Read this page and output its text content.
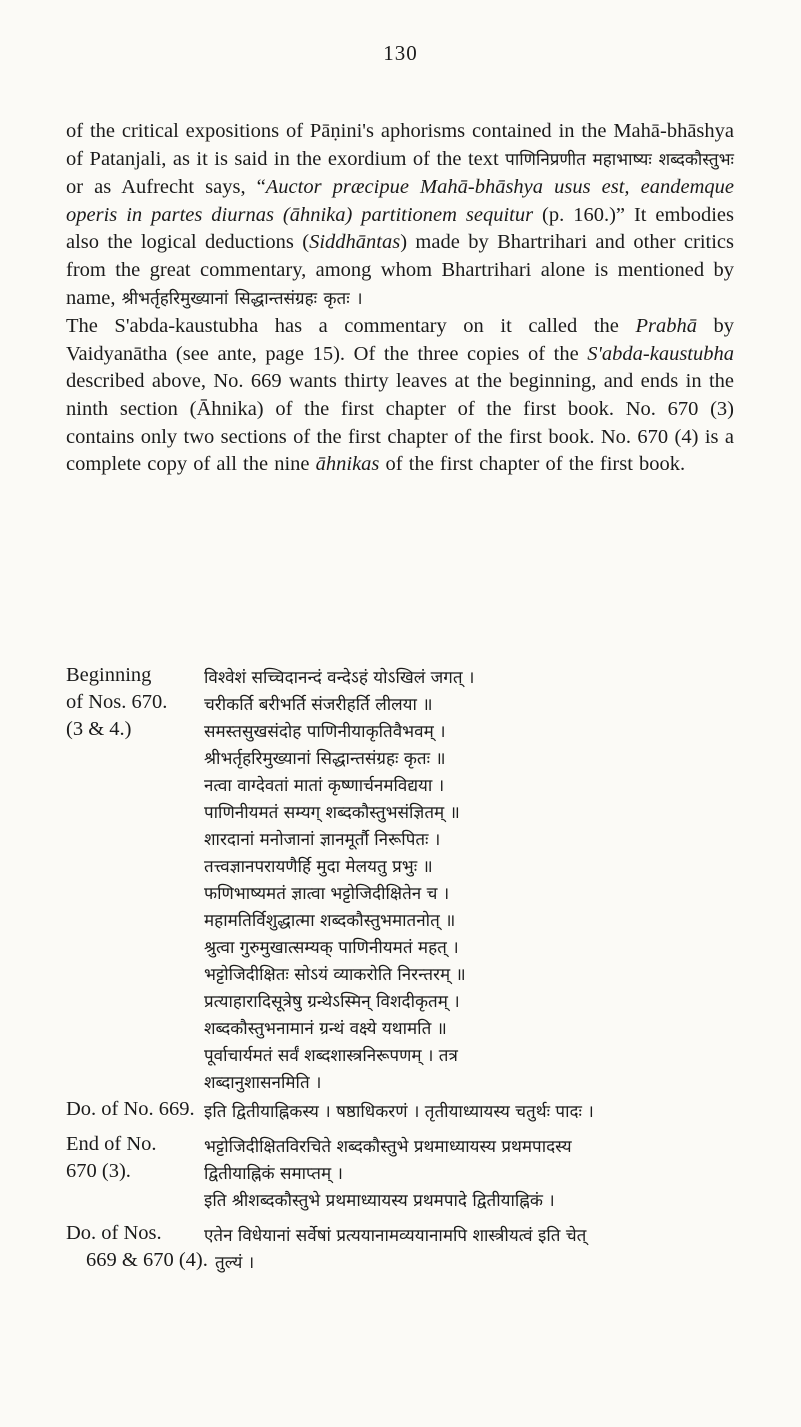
130

of the critical expositions of Pāṇini's aphorisms contained in the Mahā-bhāshya of Patanjali, as it is said in the exordium of the text पाणिनिप्रणीत महाभाष्यः शब्दकौस्तुभः or as Aufrecht says, “Auctor præcipue Mahā-bhāshya usus est, eandemque operis in partes diurnas (āhnika) partitionem sequitur (p. 160.)” It embodies also the logical deductions (Siddhāntas) made by Bhartrihari and other critics from the great commentary, among whom Bhartrihari alone is mentioned by name, श्रीभर्तृहरिमुख्यानां सिद्धान्तसंग्रहः कृतः ।

The S'abda-kaustubha has a commentary on it called the Prabhā by Vaidyanātha (see ante, page 15). Of the three copies of the S'abda-kaustubha described above, No. 669 wants thirty leaves at the beginning, and ends in the ninth section (Āhnika) of the first chapter of the first book. No. 670 (3) contains only two sections of the first chapter of the first book. No. 670 (4) is a complete copy of all the nine āhnikas of the first chapter of the first book.

Beginning
of Nos. 670.
(3 & 4.)
विश्वेशं सच्चिदानन्दं वन्देऽहं योऽखिलं जगत् ।
चरीकर्ति बरीभर्ति संजरीहर्ति लीलया ॥
समस्तसुखसंदोह पाणिनीयाकृतिवैभवम् ।
श्रीभर्तृहरिमुख्यानां सिद्धान्तसंग्रहः कृतः ॥
नत्वा वाग्देवतां मातां कृष्णार्चनमविद्यया ।
पाणिनीयमतं सम्यग् शब्दकौस्तुभसंज्ञितम् ॥
शारदानां मनोजानां ज्ञानमूर्तौ निरूपितः ।
तत्त्वज्ञानपरायणैर्हि मुदा मेलयतु प्रभुः ॥
फणिभाष्यमतं ज्ञात्वा भट्टोजिदीक्षितेन च ।
महामतिर्विशुद्धात्मा शब्दकौस्तुभमातनोत् ॥
श्रुत्वा गुरुमुखात्सम्यक् पाणिनीयमतं महत् ।
भट्टोजिदीक्षितः सोऽयं व्याकरोति निरन्तरम् ॥
प्रत्याहारादिसूत्रेषु ग्रन्थेऽस्मिन् विशदीकृतम् ।
शब्दकौस्तुभनामानं ग्रन्थं वक्ष्ये यथामति ॥
पूर्वाचार्यमतं सर्वं शब्दशास्त्रनिरूपणम् । तत्र
शब्दानुशासनमिति ।
Do. of No. 669. इति द्वितीयाह्निकस्य । षष्ठाधिकरणं । तृतीयाध्यायस्य चतुर्थः पादः ।
End of No.
670 (3).
भट्टोजिदीक्षितविरचिते शब्दकौस्तुभे प्रथमाध्यायस्य प्रथमपादस्य
द्वितीयाह्निकं समाप्तम् ।
इति श्रीशब्दकौस्तुभे प्रथमाध्यायस्य प्रथमपादे द्वितीयाह्निकं ।
Do. of Nos.
669 & 670 (4).
एतेन विधेयानां सर्वेषां प्रत्ययानामव्ययानामपि शास्त्रीयत्वं इति चेत्
तुल्यं ।
